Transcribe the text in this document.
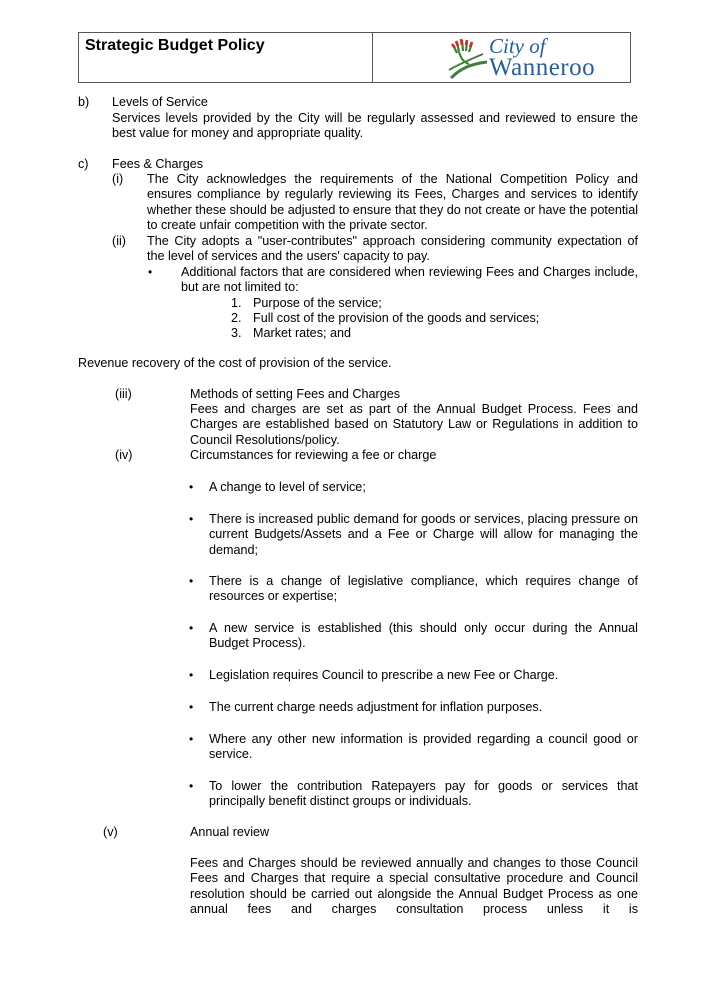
Strategic Budget Policy	City of
Wanneroo
b) Levels of Service
Services levels provided by the City will be regularly assessed and reviewed to ensure the best value for money and appropriate quality.
c) Fees & Charges
(i) The City acknowledges the requirements of the National Competition Policy and ensures compliance by regularly reviewing its Fees, Charges and services to identify whether these should be adjusted to ensure that they do not create or have the potential to create unfair competition with the private sector.
(ii) The City adopts a "user-contributes" approach considering community expectation of the level of services and the users' capacity to pay.
• Additional factors that are considered when reviewing Fees and Charges include, but are not limited to:
1. Purpose of the service;
2. Full cost of the provision of the goods and services;
3. Market rates; and
Revenue recovery of the cost of provision of the service.
(iii)	Methods of setting Fees and Charges
Fees and charges are set as part of the Annual Budget Process. Fees and Charges are established based on Statutory Law or Regulations in addition to Council Resolutions/policy.
(iv)	Circumstances for reviewing a fee or charge
• A change to level of service;
• There is increased public demand for goods or services, placing pressure on current Budgets/Assets and a Fee or Charge will allow for managing the demand;
• There is a change of legislative compliance, which requires change of resources or expertise;
• A new service is established (this should only occur during the Annual Budget Process).
• Legislation requires Council to prescribe a new Fee or Charge.
• The current charge needs adjustment for inflation purposes.
• Where any other new information is provided regarding a council good or service.
• To lower the contribution Ratepayers pay for goods or services that principally benefit distinct groups or individuals.
(v)	Annual review
Fees and Charges should be reviewed annually and changes to those Council Fees and Charges that require a special consultative procedure and Council resolution should be carried out alongside the Annual Budget Process as one annual fees and charges consultation process unless it is
